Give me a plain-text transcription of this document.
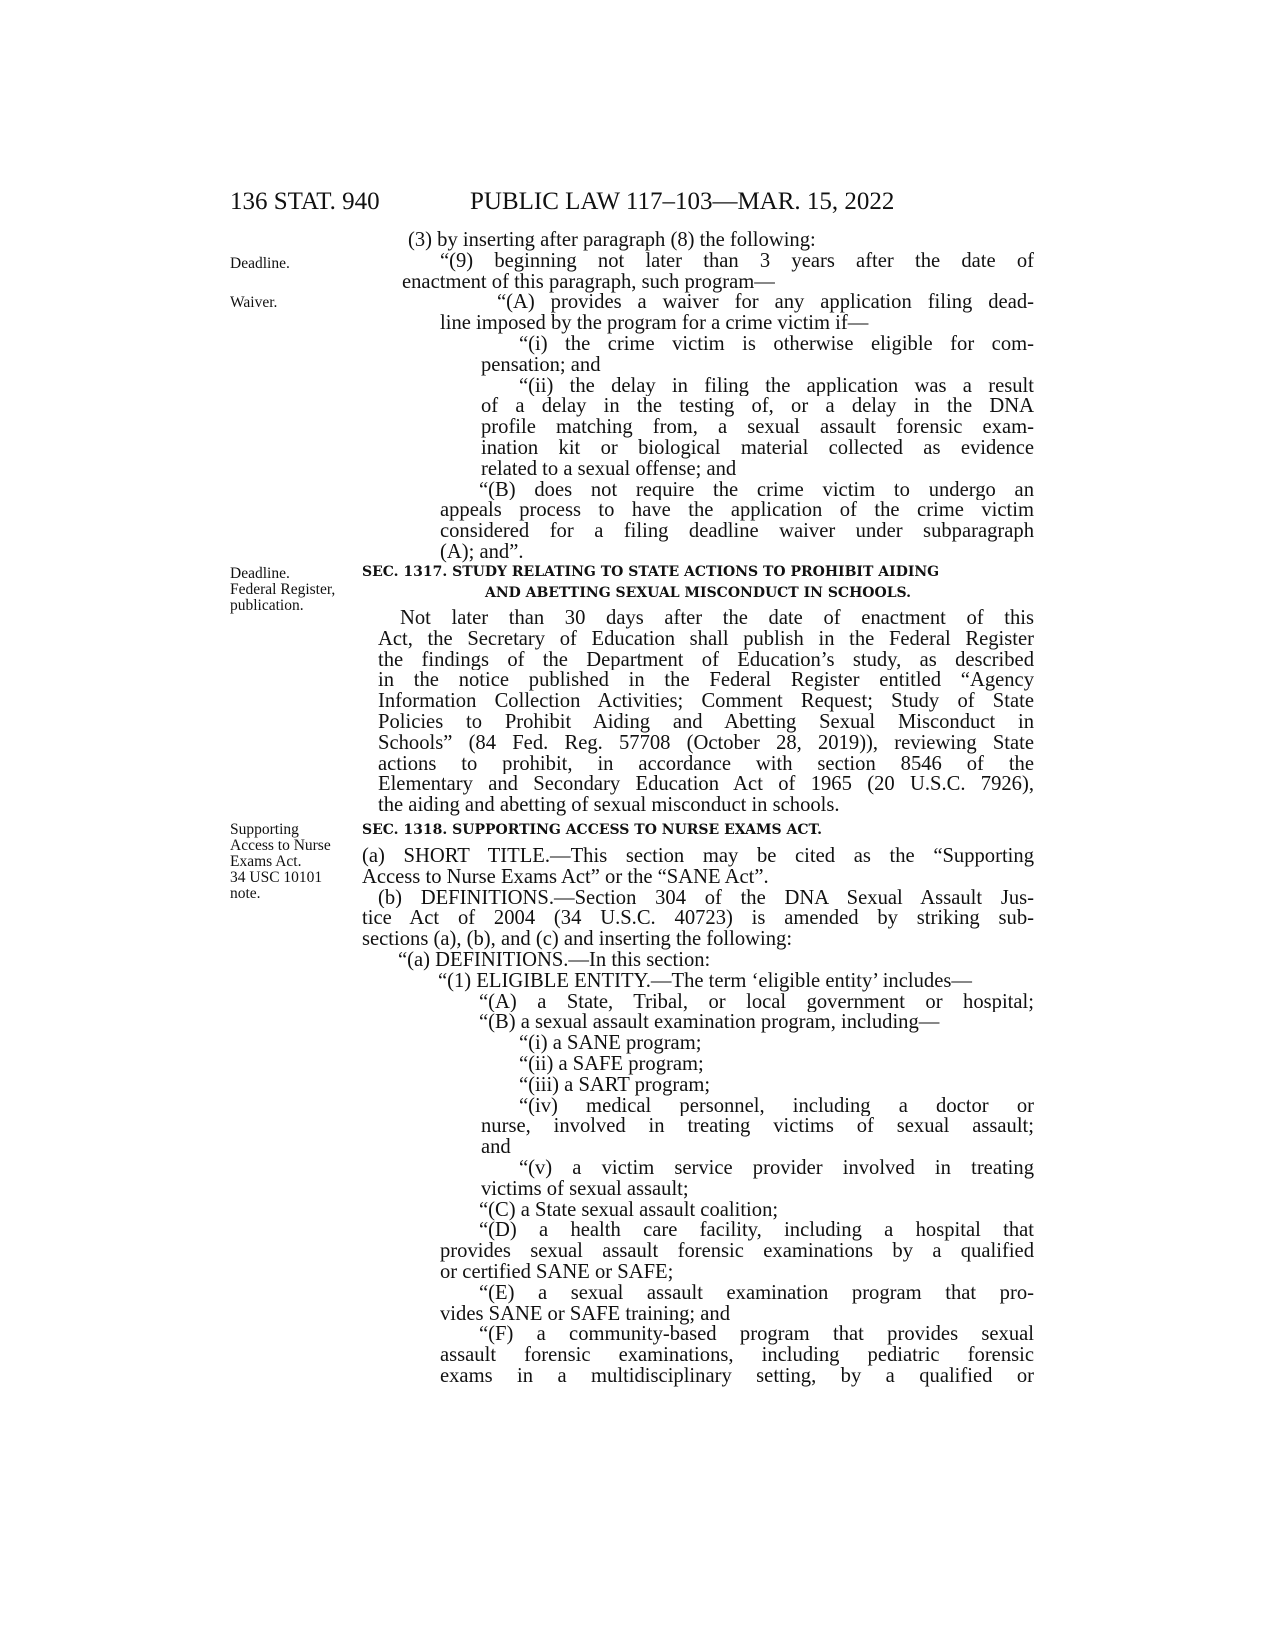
136 STAT. 940	PUBLIC LAW 117–103—MAR. 15, 2022
Deadline.
Waiver.
Deadline.
Federal Register,
publication.
Supporting
Access to Nurse
Exams Act.
34 USC 10101
note.
(3) by inserting after paragraph (8) the following:
“(9) beginning not later than 3 years after the date of
enactment of this paragraph, such program—
“(A) provides a waiver for any application filing dead-
line imposed by the program for a crime victim if—
“(i) the crime victim is otherwise eligible for com-
pensation; and
“(ii) the delay in filing the application was a result
of a delay in the testing of, or a delay in the DNA
profile matching from, a sexual assault forensic exam-
ination kit or biological material collected as evidence
related to a sexual offense; and
“(B) does not require the crime victim to undergo an
appeals process to have the application of the crime victim
considered for a filing deadline waiver under subparagraph
(A); and”.
SEC. 1317. STUDY RELATING TO STATE ACTIONS TO PROHIBIT AIDING
AND ABETTING SEXUAL MISCONDUCT IN SCHOOLS.
Not later than 30 days after the date of enactment of this
Act, the Secretary of Education shall publish in the Federal Register
the findings of the Department of Education’s study, as described
in the notice published in the Federal Register entitled “Agency
Information Collection Activities; Comment Request; Study of State
Policies to Prohibit Aiding and Abetting Sexual Misconduct in
Schools” (84 Fed. Reg. 57708 (October 28, 2019)), reviewing State
actions to prohibit, in accordance with section 8546 of the
Elementary and Secondary Education Act of 1965 (20 U.S.C. 7926),
the aiding and abetting of sexual misconduct in schools.
SEC. 1318. SUPPORTING ACCESS TO NURSE EXAMS ACT.
(a) SHORT TITLE.—This section may be cited as the “Supporting
Access to Nurse Exams Act” or the “SANE Act”.
(b) DEFINITIONS.—Section 304 of the DNA Sexual Assault Jus-
tice Act of 2004 (34 U.S.C. 40723) is amended by striking sub-
sections (a), (b), and (c) and inserting the following:
“(a) DEFINITIONS.—In this section:
“(1) ELIGIBLE ENTITY.—The term ‘eligible entity’ includes—
“(A) a State, Tribal, or local government or hospital;
“(B) a sexual assault examination program, including—
“(i) a SANE program;
“(ii) a SAFE program;
“(iii) a SART program;
“(iv) medical personnel, including a doctor or
nurse, involved in treating victims of sexual assault;
and
“(v) a victim service provider involved in treating
victims of sexual assault;
“(C) a State sexual assault coalition;
“(D) a health care facility, including a hospital that
provides sexual assault forensic examinations by a qualified
or certified SANE or SAFE;
“(E) a sexual assault examination program that pro-
vides SANE or SAFE training; and
“(F) a community-based program that provides sexual
assault forensic examinations, including pediatric forensic
exams in a multidisciplinary setting, by a qualified or
